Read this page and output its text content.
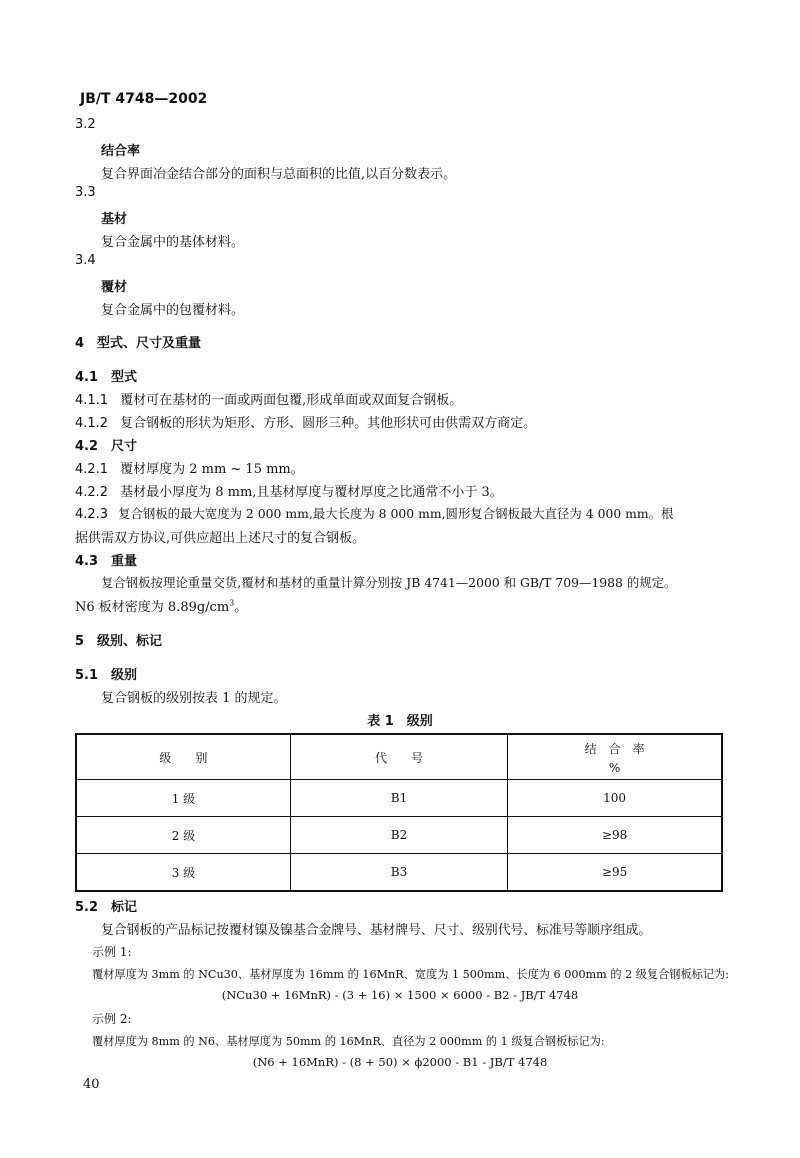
JB/T 4748—2002
3.2
结合率
复合界面冶金结合部分的面积与总面积的比值,以百分数表示。
3.3
基材
复合金属中的基体材料。
3.4
覆材
复合金属中的包覆材料。
4　型式、尺寸及重量
4.1　型式
4.1.1 覆材可在基材的一面或两面包覆,形成单面或双面复合钢板。
4.1.2 复合钢板的形状为矩形、方形、圆形三种。其他形状可由供需双方商定。
4.2　尺寸
4.2.1 覆材厚度为 2 mm ~ 15 mm。
4.2.2 基材最小厚度为 8 mm,且基材厚度与覆材厚度之比通常不小于 3。
4.2.3 复合钢板的最大宽度为 2 000 mm,最大长度为 8 000 mm,圆形复合钢板最大直径为 4 000 mm。根
据供需双方协议,可供应超出上述尺寸的复合钢板。
4.3　重量
复合钢板按理论重量交货,覆材和基材的重量计算分别按 JB 4741—2000 和 GB/T 709—1988 的规定。
N6 板材密度为 $8.89g/cm^3$。
5　级别、标记
5.1　级别
复合钢板的级别按表 1 的规定。
表 1　级别
级　　别	代　　号	结　合　率
%

1 级	B1	100
2 级	B2	≥98
3 级	B3	≥95
5.2　标记
复合钢板的产品标记按覆材镍及镍基合金牌号、基材牌号、尺寸、级别代号、标准号等顺序组成。
示例 1:
覆材厚度为 3mm 的 NCu30、基材厚度为 16mm 的 16MnR、宽度为 1 500mm、长度为 6 000mm 的 2 级复合钢板标记为:
(NCu30 + 16MnR) - (3 + 16) × 1500 × 6000 - B2 - JB/T 4748
示例 2:
覆材厚度为 8mm 的 N6、基材厚度为 50mm 的 16MnR、直径为 2 000mm 的 1 级复合钢板标记为:
(N6 + 16MnR) - (8 + 50) × ϕ2000 - B1 - JB/T 4748
40
